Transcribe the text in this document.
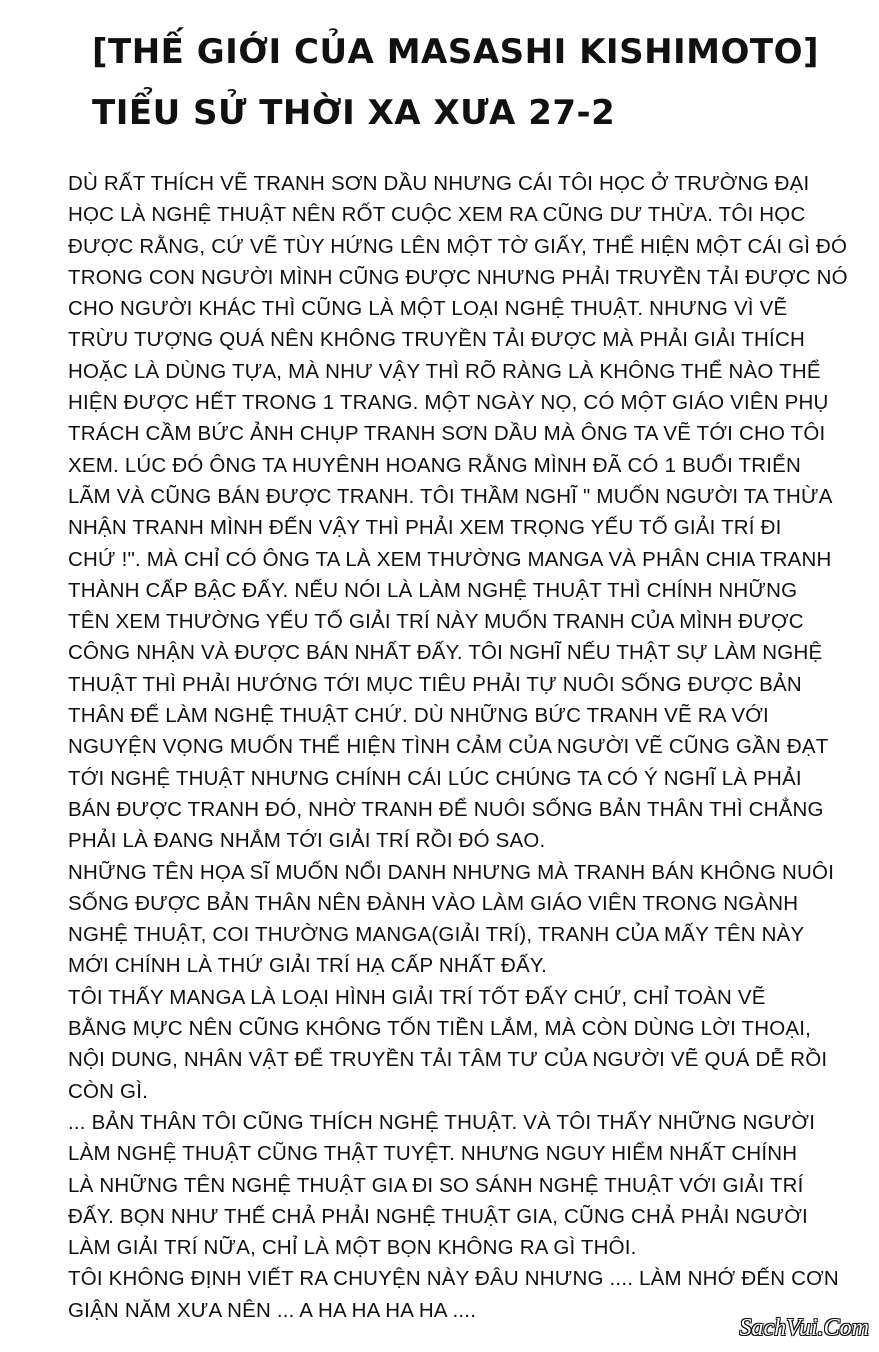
[THẾ GIỚI CỦA MASASHI KISHIMOTO]
TIỂU SỬ THỜI XA XƯA 27-2
DÙ RẤT THÍCH VẼ TRANH SƠN DẦU NHƯNG CÁI TÔI HỌC Ở TRƯỜNG ĐẠI
HỌC LÀ NGHỆ THUẬT NÊN RỐT CUỘC XEM RA CŨNG DƯ THỪA. TÔI HỌC
ĐƯỢC RẰNG, CỨ VẼ TÙY HỨNG LÊN MỘT TỜ GIẤY, THỂ HIỆN MỘT CÁI GÌ ĐÓ
TRONG CON NGƯỜI MÌNH CŨNG ĐƯỢC NHƯNG PHẢI TRUYỀN TẢI ĐƯỢC NÓ
CHO NGƯỜI KHÁC THÌ CŨNG LÀ MỘT LOẠI NGHỆ THUẬT. NHƯNG VÌ VẼ
TRỪU TƯỢNG QUÁ NÊN KHÔNG TRUYỀN TẢI ĐƯỢC MÀ PHẢI GIẢI THÍCH
HOẶC LÀ DÙNG TỰA, MÀ NHƯ VẬY THÌ RÕ RÀNG LÀ KHÔNG THỂ NÀO THỂ
HIỆN ĐƯỢC HẾT TRONG 1 TRANG. MỘT NGÀY NỌ, CÓ MỘT GIÁO VIÊN PHỤ
TRÁCH CẦM BỨC ẢNH CHỤP TRANH SƠN DẦU MÀ ÔNG TA VẼ TỚI CHO TÔI
XEM. LÚC ĐÓ ÔNG TA HUYÊNH HOANG RẰNG MÌNH ĐÃ CÓ 1 BUỔI TRIỂN
LÃM VÀ CŨNG BÁN ĐƯỢC TRANH. TÔI THẦM NGHĨ " MUỐN NGƯỜI TA THỪA
NHẬN TRANH MÌNH ĐẾN VẬY THÌ PHẢI XEM TRỌNG YẾU TỐ GIẢI TRÍ ĐI
CHỨ !". MÀ CHỈ CÓ ÔNG TA LÀ XEM THƯỜNG MANGA VÀ PHÂN CHIA TRANH
THÀNH CẤP BẬC ĐẤY. NẾU NÓI LÀ LÀM NGHỆ THUẬT THÌ CHÍNH NHỮNG
TÊN XEM THƯỜNG YẾU TỐ GIẢI TRÍ NÀY MUỐN TRANH CỦA MÌNH ĐƯỢC
CÔNG NHẬN VÀ ĐƯỢC BÁN NHẤT ĐẤY. TÔI NGHĨ NẾU THẬT SỰ LÀM NGHỆ
THUẬT THÌ PHẢI HƯỚNG TỚI MỤC TIÊU PHẢI TỰ NUÔI SỐNG ĐƯỢC BẢN
THÂN ĐỂ LÀM NGHỆ THUẬT CHỨ. DÙ NHỮNG BỨC TRANH VẼ RA VỚI
NGUYỆN VỌNG MUỐN THỂ HIỆN TÌNH CẢM CỦA NGƯỜI VẼ CŨNG GẦN ĐẠT
TỚI NGHỆ THUẬT NHƯNG CHÍNH CÁI LÚC CHÚNG TA CÓ Ý NGHĨ LÀ PHẢI
BÁN ĐƯỢC TRANH ĐÓ, NHỜ TRANH ĐỂ NUÔI SỐNG BẢN THÂN THÌ CHẲNG
PHẢI LÀ ĐANG NHẮM TỚI GIẢI TRÍ RỒI ĐÓ SAO.
NHỮNG TÊN HỌA SĨ MUỐN NỔI DANH NHƯNG MÀ TRANH BÁN KHÔNG NUÔI
SỐNG ĐƯỢC BẢN THÂN NÊN ĐÀNH VÀO LÀM GIÁO VIÊN TRONG NGÀNH
NGHỆ THUẬT, COI THƯỜNG MANGA(GIẢI TRÍ), TRANH CỦA MẤY TÊN NÀY
MỚI CHÍNH LÀ THỨ GIẢI TRÍ HẠ CẤP NHẤT ĐẤY.
TÔI THẤY MANGA LÀ LOẠI HÌNH GIẢI TRÍ TỐT ĐẤY CHỨ, CHỈ TOÀN VẼ
BẰNG MỰC NÊN CŨNG KHÔNG TỐN TIỀN LẮM, MÀ CÒN DÙNG LỜI THOẠI,
NỘI DUNG, NHÂN VẬT ĐỂ TRUYỀN TẢI TÂM TƯ CỦA NGƯỜI VẼ QUÁ DỄ RỒI
CÒN GÌ.
... BẢN THÂN TÔI CŨNG THÍCH NGHỆ THUẬT. VÀ TÔI THẤY NHỮNG NGƯỜI
LÀM NGHỆ THUẬT CŨNG THẬT TUYỆT. NHƯNG NGUY HIỂM NHẤT CHÍNH
LÀ NHỮNG TÊN NGHỆ THUẬT GIA ĐI SO SÁNH NGHỆ THUẬT VỚI GIẢI TRÍ
ĐẤY. BỌN NHƯ THẾ CHẢ PHẢI NGHỆ THUẬT GIA, CŨNG CHẢ PHẢI NGƯỜI
LÀM GIẢI TRÍ NỮA, CHỈ LÀ MỘT BỌN KHÔNG RA GÌ THÔI.
TÔI KHÔNG ĐỊNH VIẾT RA CHUYỆN NÀY ĐÂU NHƯNG .... LÀM NHỚ ĐẾN CƠN
GIẬN NĂM XƯA NÊN ... A HA HA HA HA ....
SachVui.Com
